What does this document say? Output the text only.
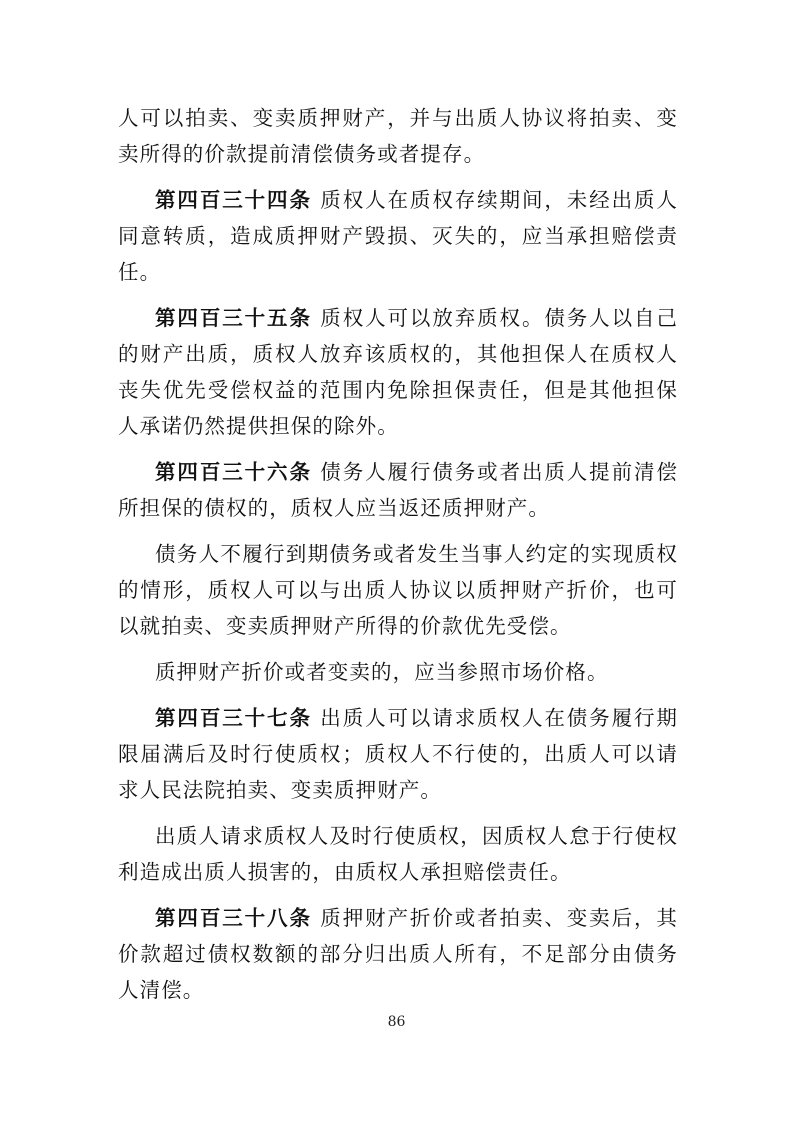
人可以拍卖、变卖质押财产，并与出质人协议将拍卖、变卖所得的价款提前清偿债务或者提存。

第四百三十四条 质权人在质权存续期间，未经出质人同意转质，造成质押财产毁损、灭失的，应当承担赔偿责任。

第四百三十五条 质权人可以放弃质权。债务人以自己的财产出质，质权人放弃该质权的，其他担保人在质权人丧失优先受偿权益的范围内免除担保责任，但是其他担保人承诺仍然提供担保的除外。

第四百三十六条 债务人履行债务或者出质人提前清偿所担保的债权的，质权人应当返还质押财产。

债务人不履行到期债务或者发生当事人约定的实现质权的情形，质权人可以与出质人协议以质押财产折价，也可以就拍卖、变卖质押财产所得的价款优先受偿。

质押财产折价或者变卖的，应当参照市场价格。

第四百三十七条 出质人可以请求质权人在债务履行期限届满后及时行使质权；质权人不行使的，出质人可以请求人民法院拍卖、变卖质押财产。

出质人请求质权人及时行使质权，因质权人怠于行使权利造成出质人损害的，由质权人承担赔偿责任。

第四百三十八条 质押财产折价或者拍卖、变卖后，其价款超过债权数额的部分归出质人所有，不足部分由债务人清偿。

86
